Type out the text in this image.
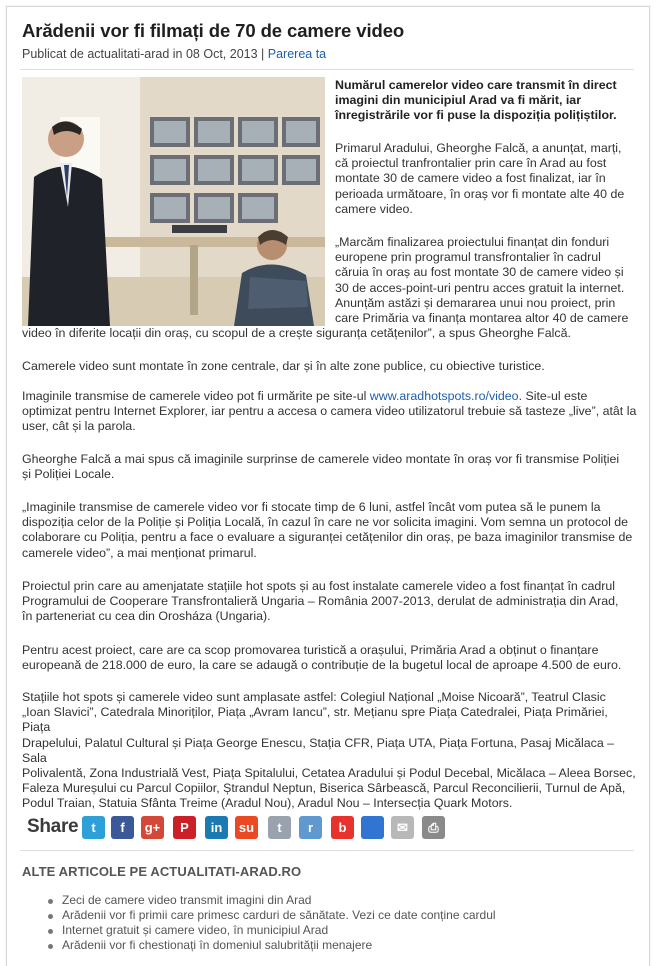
Arădenii vor fi filmați de 70 de camere video
Publicat de actualitati-arad in 08 Oct, 2013 | Parerea ta
Numărul camerelor video care transmit în direct
imagini din municipiul Arad va fi mărit, iar
înregistrările vor fi puse la dispoziția polițiștilor.
Primarul Aradului, Gheorghe Falcă, a anunțat, marți,
că proiectul tranfrontalier prin care în Arad au fost
montate 30 de camere video a fost finalizat, iar în
perioada următoare, în oraș vor fi montate alte 40 de
camere video.
„Marcăm finalizarea proiectului finanțat din fonduri
europene prin programul transfrontalier în cadrul
căruia în oraș au fost montate 30 de camere video și
30 de acces-point-uri pentru acces gratuit la internet.
Anunțăm astăzi și demararea unui nou proiect, prin
care Primăria va finanța montarea altor 40 de camere
video în diferite locații din oraș, cu scopul de a crește siguranța cetățenilor”, a spus Gheorghe Falcă.
Camerele video sunt montate în zone centrale, dar și în alte zone publice, cu obiective turistice.
Imaginile transmise de camerele video pot fi urmărite pe site-ul www.aradhotspots.ro/video. Site-ul este
optimizat pentru Internet Explorer, iar pentru a accesa o camera video utilizatorul trebuie să tasteze „live”, atât la
user, cât și la parola.
Gheorghe Falcă a mai spus că imaginile surprinse de camerele video montate în oraș vor fi transmise Poliției
și Poliției Locale.
„Imaginile transmise de camerele video vor fi stocate timp de 6 luni, astfel încât vom putea să le punem la
dispoziția celor de la Poliție și Poliția Locală, în cazul în care ne vor solicita imagini. Vom semna un protocol de
colaborare cu Poliția, pentru a face o evaluare a siguranței cetățenilor din oraș, pe baza imaginilor transmise de
camerele video”, a mai menționat primarul.
Proiectul prin care au amenjatate stațiile hot spots și au fost instalate camerele video a fost finanțat în cadrul
Programului de Cooperare Transfrontalieră Ungaria – România 2007-2013, derulat de administrația din Arad,
în parteneriat cu cea din Orosháza (Ungaria).
Pentru acest proiect, care are ca scop promovarea turistică a orașului, Primăria Arad a obținut o finanțare
europeană de 218.000 de euro, la care se adaugă o contribuție de la bugetul local de aproape 4.500 de euro.
Stațiile hot spots și camerele video sunt amplasate astfel: Colegiul Național „Moise Nicoară”, Teatrul Clasic
„Ioan Slavici”, Catedrala Minoriților, Piața „Avram Iancu”, str. Mețianu spre Piața Catedralei, Piața Primăriei, Piața
Drapelului, Palatul Cultural și Piața George Enescu, Stația CFR, Piața UTA, Piața Fortuna, Pasaj Micălaca – Sala
Polivalentă, Zona Industrială Vest, Piața Spitalului, Cetatea Aradului și Podul Decebal, Micălaca – Aleea Borsec,
Faleza Mureșului cu Parcul Copiilor, Ștrandul Neptun, Biserica Sârbească, Parcul Reconcilierii, Turnul de Apă,
Podul Traian, Statuia Sfânta Treime (Aradul Nou), Aradul Nou – Intersecția Quark Motors.
Share	t	f	g+	P	in	su	t	r	b	✉	⎙
ALTE ARTICOLE PE ACTUALITATI-ARAD.RO
Zeci de camere video transmit imagini din Arad
Arădenii vor fi primii care primesc carduri de sănătate. Vezi ce date conține cardul
Internet gratuit și camere video, în municipiul Arad
Arădenii vor fi chestionați în domeniul salubrității menajere
